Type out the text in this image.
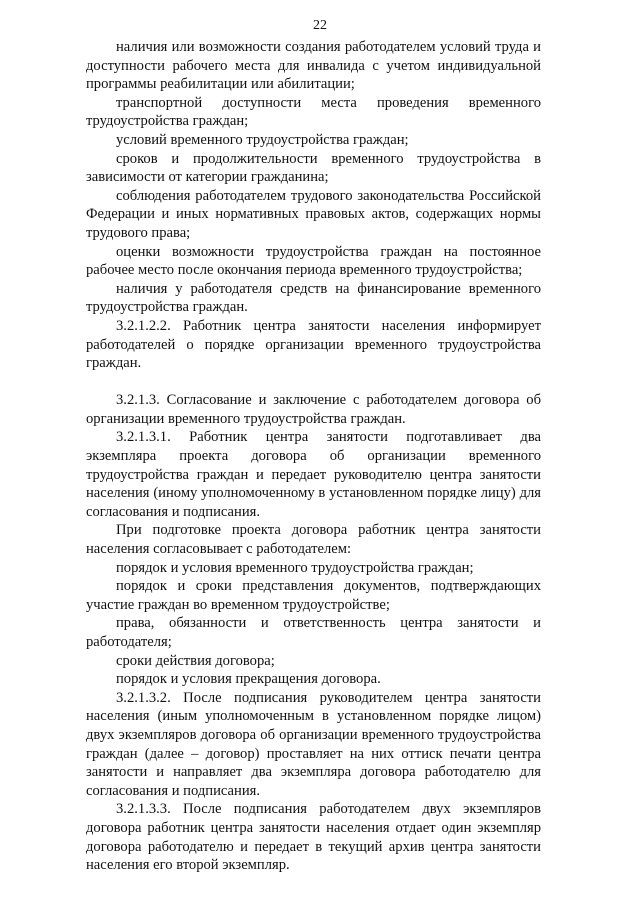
22

наличия или возможности создания работодателем условий труда и доступности рабочего места для инвалида с учетом индивидуальной программы реабилитации или абилитации;

транспортной доступности места проведения временного трудоустройства граждан;

условий временного трудоустройства граждан;

сроков и продолжительности временного трудоустройства в зависимости от категории гражданина;

соблюдения работодателем трудового законодательства Российской Федерации и иных нормативных правовых актов, содержащих нормы трудового права;

оценки возможности трудоустройства граждан на постоянное рабочее место после окончания периода временного трудоустройства;

наличия у работодателя средств на финансирование временного трудоустройства граждан.

3.2.1.2.2. Работник центра занятости населения информирует работодателей о порядке организации временного трудоустройства граждан.

3.2.1.3. Согласование и заключение с работодателем договора об организации временного трудоустройства граждан.

3.2.1.3.1. Работник центра занятости подготавливает два экземпляра проекта договора об организации временного трудоустройства граждан и передает руководителю центра занятости населения (иному уполномоченному в установленном порядке лицу) для согласования и подписания.

При подготовке проекта договора работник центра занятости населения согласовывает с работодателем:

порядок и условия временного трудоустройства граждан;

порядок и сроки представления документов, подтверждающих участие граждан во временном трудоустройстве;

права, обязанности и ответственность центра занятости и работодателя;

сроки действия договора;

порядок и условия прекращения договора.

3.2.1.3.2. После подписания руководителем центра занятости населения (иным уполномоченным в установленном порядке лицом) двух экземпляров договора об организации временного трудоустройства граждан (далее – договор) проставляет на них оттиск печати центра занятости и направляет два экземпляра договора работодателю для согласования и подписания.

3.2.1.3.3. После подписания работодателем двух экземпляров договора работник центра занятости населения отдает один экземпляр договора работодателю и передает в текущий архив центра занятости населения его второй экземпляр.
